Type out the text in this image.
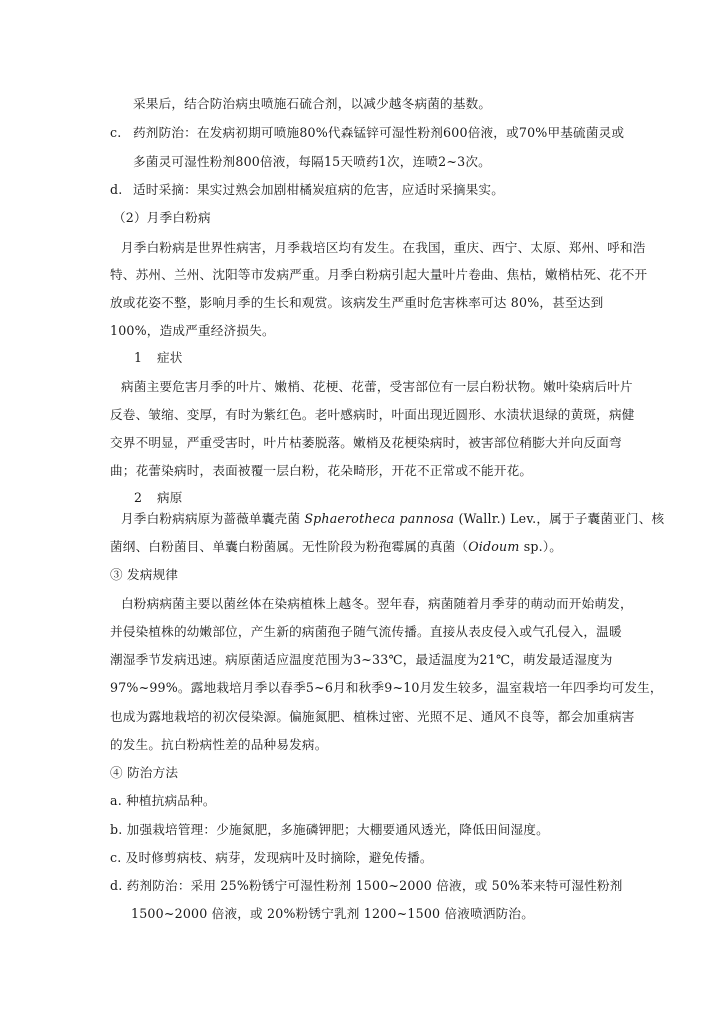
采果后，结合防治病虫喷施石硫合剂，以减少越冬病菌的基数。
c. 药剂防治：在发病初期可喷施80%代森锰锌可湿性粉剂600倍液，或70%甲基硫菌灵或
多菌灵可湿性粉剂800倍液，每隔15天喷药1次，连喷2~3次。
d. 适时采摘：果实过熟会加剧柑橘炭疽病的危害，应适时采摘果实。
（2）月季白粉病
月季白粉病是世界性病害，月季栽培区均有发生。在我国，重庆、西宁、太原、郑州、呼和浩
特、苏州、兰州、沈阳等市发病严重。月季白粉病引起大量叶片卷曲、焦枯，嫩梢枯死、花不开
放或花姿不整，影响月季的生长和观赏。该病发生严重时危害株率可达 80%，甚至达到
100%，造成严重经济损失。
1 症状
病菌主要危害月季的叶片、嫩梢、花梗、花蕾，受害部位有一层白粉状物。嫩叶染病后叶片
反卷、皱缩、变厚，有时为紫红色。老叶感病时，叶面出现近圆形、水渍状退绿的黄斑，病健
交界不明显，严重受害时，叶片枯萎脱落。嫩梢及花梗染病时，被害部位稍膨大并向反面弯
曲；花蕾染病时，表面被覆一层白粉，花朵畸形，开花不正常或不能开花。
2 病原
月季白粉病病原为蔷薇单囊壳菌 Sphaerotheca pannosa (Wallr.) Lev.，属于子囊菌亚门、核
菌纲、白粉菌目、单囊白粉菌属。无性阶段为粉孢霉属的真菌（Oidoum sp.）。
③ 发病规律
白粉病病菌主要以菌丝体在染病植株上越冬。翌年春，病菌随着月季芽的萌动而开始萌发，
并侵染植株的幼嫩部位，产生新的病菌孢子随气流传播。直接从表皮侵入或气孔侵入，温暖
潮湿季节发病迅速。病原菌适应温度范围为3~33℃，最适温度为21℃，萌发最适湿度为
97%~99%。露地栽培月季以春季5~6月和秋季9~10月发生较多，温室栽培一年四季均可发生，
也成为露地栽培的初次侵染源。偏施氮肥、植株过密、光照不足、通风不良等，都会加重病害
的发生。抗白粉病性差的品种易发病。
④ 防治方法
a. 种植抗病品种。
b. 加强栽培管理：少施氮肥，多施磷钾肥；大棚要通风透光，降低田间湿度。
c. 及时修剪病枝、病芽，发现病叶及时摘除，避免传播。
d. 药剂防治：采用 25%粉锈宁可湿性粉剂 1500~2000 倍液，或 50%苯来特可湿性粉剂
1500~2000 倍液，或 20%粉锈宁乳剂 1200~1500 倍液喷洒防治。
